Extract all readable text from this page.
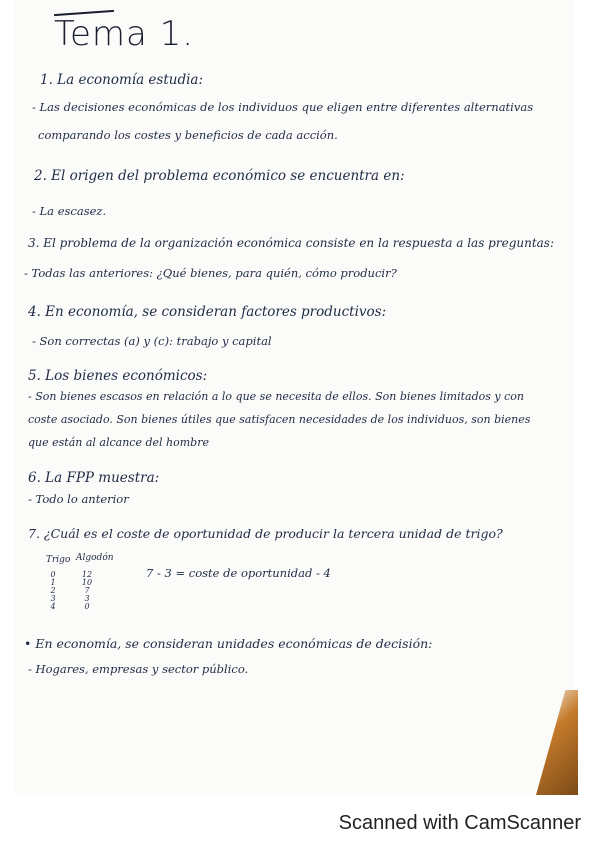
Tema 1.
1. La economía estudia:
- Las decisiones económicas de los individuos que eligen entre diferentes alternativas
comparando los costes y beneficios de cada acción.
2. El origen del problema económico se encuentra en:
- La escasez.
3. El problema de la organización económica consiste en la respuesta a las preguntas:
- Todas las anteriores: ¿Qué bienes, para quién, cómo producir?
4. En economía, se consideran factores productivos:
- Son correctas (a) y (c): trabajo y capital
5. Los bienes económicos:
- Son bienes escasos en relación a lo que se necesita de ellos. Son bienes limitados y con
coste asociado. Son bienes útiles que satisfacen necesidades de los individuos, son bienes
que están al alcance del hombre
6. La FPP muestra:
- Todo lo anterior
7. ¿Cuál es el coste de oportunidad de producir la tercera unidad de trigo?
Trigo Algodón
0
1
2
3
4
12
10
7
3
0
7 - 3 = coste de oportunidad - 4
• En economía, se consideran unidades económicas de decisión:
- Hogares, empresas y sector público.
Scanned with CamScanner
